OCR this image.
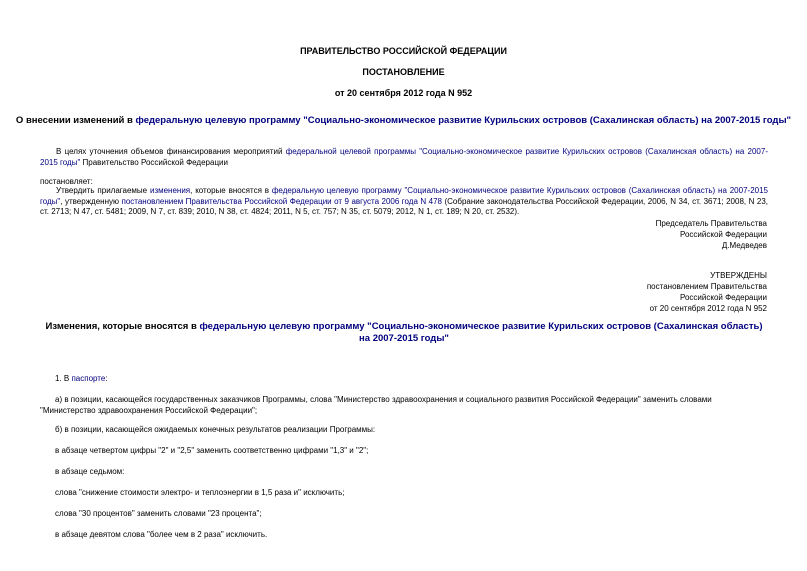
ПРАВИТЕЛЬСТВО РОССИЙСКОЙ ФЕДЕРАЦИИ
ПОСТАНОВЛЕНИЕ
от 20 сентября 2012 года N 952
О внесении изменений в федеральную целевую программу "Социально-экономическое развитие Курильских островов (Сахалинская область) на 2007-2015 годы"
В целях уточнения объемов финансирования мероприятий федеральной целевой программы "Социально-экономическое развитие Курильских островов (Сахалинская область) на 2007-2015 годы" Правительство Российской Федерации
постановляет:
Утвердить прилагаемые изменения, которые вносятся в федеральную целевую программу "Социально-экономическое развитие Курильских островов (Сахалинская область) на 2007-2015 годы", утвержденную постановлением Правительства Российской Федерации от 9 августа 2006 года N 478 (Собрание законодательства Российской Федерации, 2006, N 34, ст. 3671; 2008, N 23, ст. 2713; N 47, ст. 5481; 2009, N 7, ст. 839; 2010, N 38, ст. 4824; 2011, N 5, ст. 757; N 35, ст. 5079; 2012, N 1, ст. 189; N 20, ст. 2532).
Председатель Правительства
Российской Федерации
Д.Медведев
УТВЕРЖДЕНЫ
постановлением Правительства
Российской Федерации
от 20 сентября 2012 года N 952
Изменения, которые вносятся в федеральную целевую программу "Социально-экономическое развитие Курильских островов (Сахалинская область) на 2007-2015 годы"
1. В паспорте:
а) в позиции, касающейся государственных заказчиков Программы, слова "Министерство здравоохранения и социального развития Российской Федерации" заменить словами "Министерство здравоохранения Российской Федерации";
б) в позиции, касающейся ожидаемых конечных результатов реализации Программы:
в абзаце четвертом цифры "2" и "2,5" заменить соответственно цифрами "1,3" и "2";
в абзаце седьмом:
слова "снижение стоимости электро- и теплоэнергии в 1,5 раза и" исключить;
слова "30 процентов" заменить словами "23 процента";
в абзаце девятом слова "более чем в 2 раза" исключить.
